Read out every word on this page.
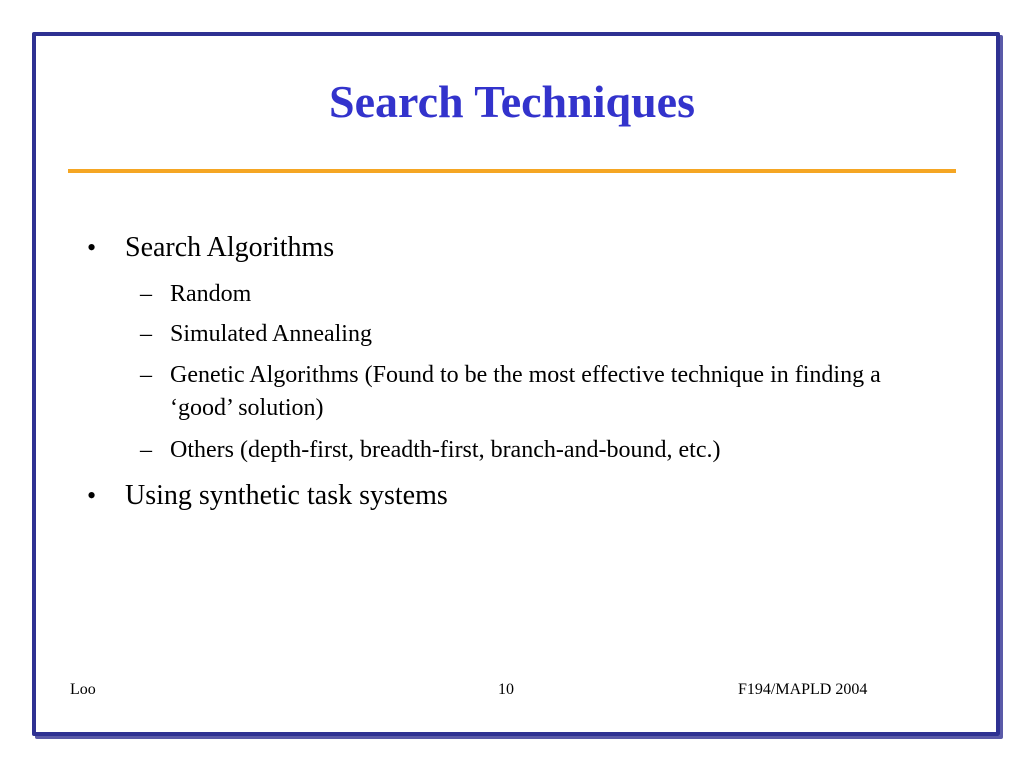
Search Techniques
• Search Algorithms
– Random
– Simulated Annealing
– Genetic Algorithms (Found to be the most effective technique in finding a ‘good’ solution)
– Others (depth-first, breadth-first, branch-and-bound, etc.)
• Using synthetic task systems
Loo	10	F194/MAPLD 2004
